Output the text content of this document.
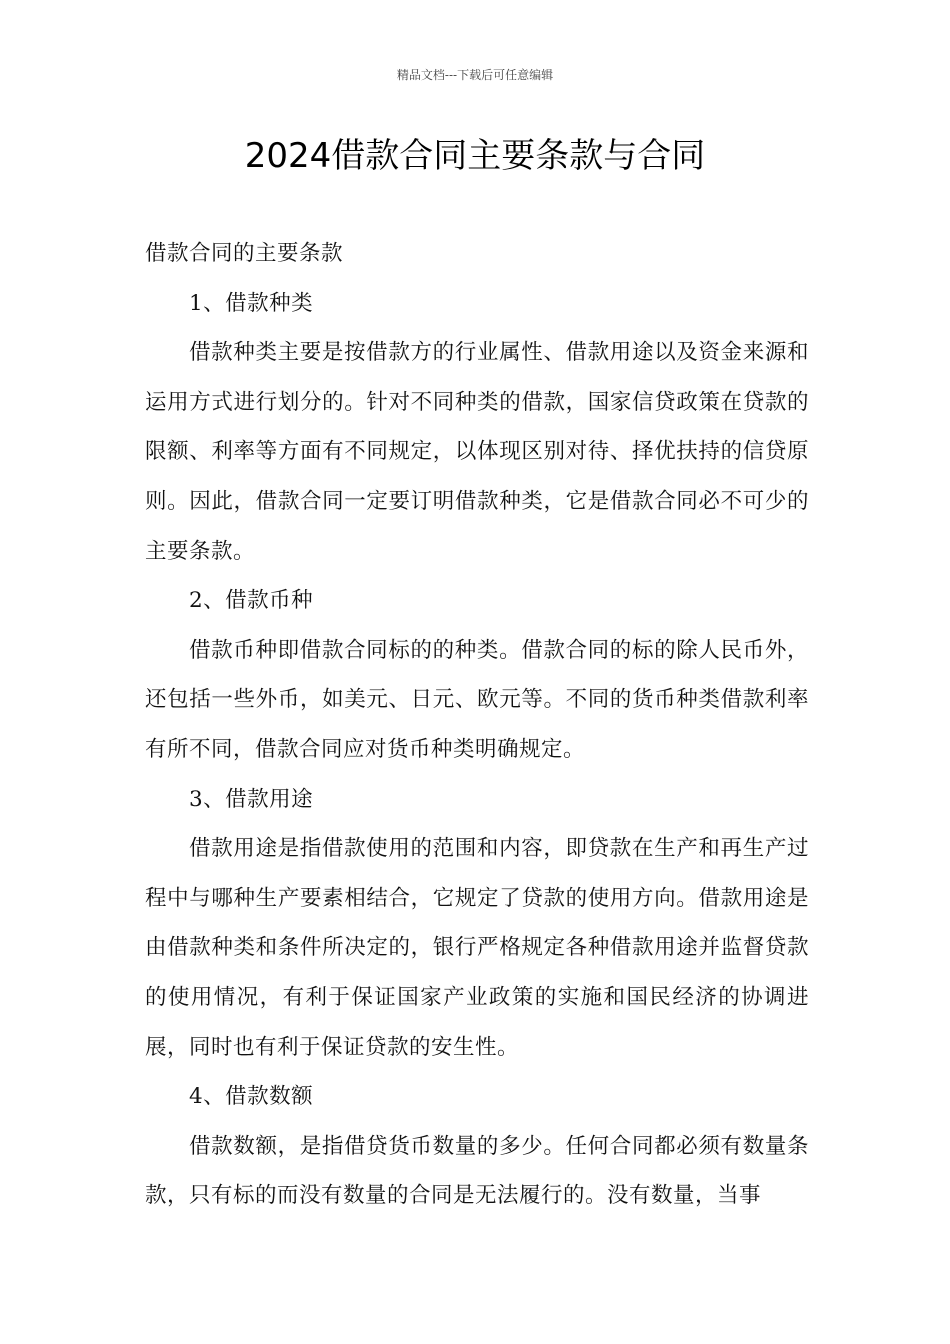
精品文档---下载后可任意编辑
2024借款合同主要条款与合同

借款合同的主要条款

1、借款种类

借款种类主要是按借款方的行业属性、借款用途以及资金来源和运用方式进行划分的。针对不同种类的借款，国家信贷政策在贷款的限额、利率等方面有不同规定，以体现区别对待、择优扶持的信贷原则。因此，借款合同一定要订明借款种类，它是借款合同必不可少的主要条款。

2、借款币种

借款币种即借款合同标的的种类。借款合同的标的除人民币外，还包括一些外币，如美元、日元、欧元等。不同的货币种类借款利率有所不同，借款合同应对货币种类明确规定。

3、借款用途

借款用途是指借款使用的范围和内容，即贷款在生产和再生产过程中与哪种生产要素相结合，它规定了贷款的使用方向。借款用途是由借款种类和条件所决定的，银行严格规定各种借款用途并监督贷款的使用情况，有利于保证国家产业政策的实施和国民经济的协调进展，同时也有利于保证贷款的安生性。

4、借款数额

借款数额，是指借贷货币数量的多少。任何合同都必须有数量条款，只有标的而没有数量的合同是无法履行的。没有数量，当事
